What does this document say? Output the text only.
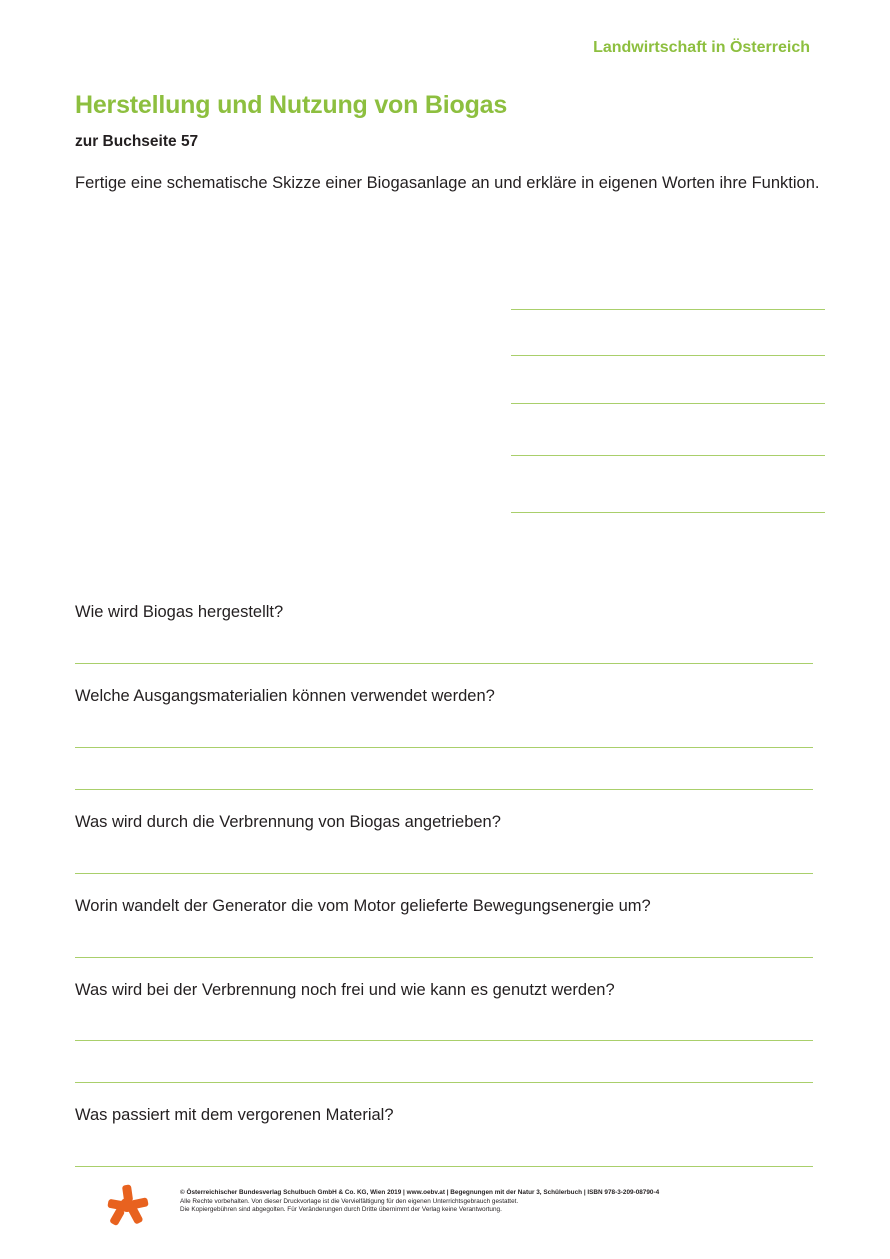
Landwirtschaft in Österreich
Herstellung und Nutzung von Biogas
zur Buchseite 57
Fertige eine schematische Skizze einer Biogasanlage an und erkläre in eigenen Worten ihre Funktion.
Wie wird Biogas hergestellt?
Welche Ausgangsmaterialien können verwendet werden?
Was wird durch die Verbrennung von Biogas angetrieben?
Worin wandelt der Generator die vom Motor gelieferte Bewegungsenergie um?
Was wird bei der Verbrennung noch frei und wie kann es genutzt werden?
Was passiert mit dem vergorenen Material?
© Österreichischer Bundesverlag Schulbuch GmbH & Co. KG, Wien 2019 | www.oebv.at | Begegnungen mit der Natur 3, Schülerbuch | ISBN 978-3-209-08790-4
Alle Rechte vorbehalten. Von dieser Druckvorlage ist die Vervielfältigung für den eigenen Unterrichtsgebrauch gestattet.
Die Kopiergebühren sind abgegolten. Für Veränderungen durch Dritte übernimmt der Verlag keine Verantwortung.
